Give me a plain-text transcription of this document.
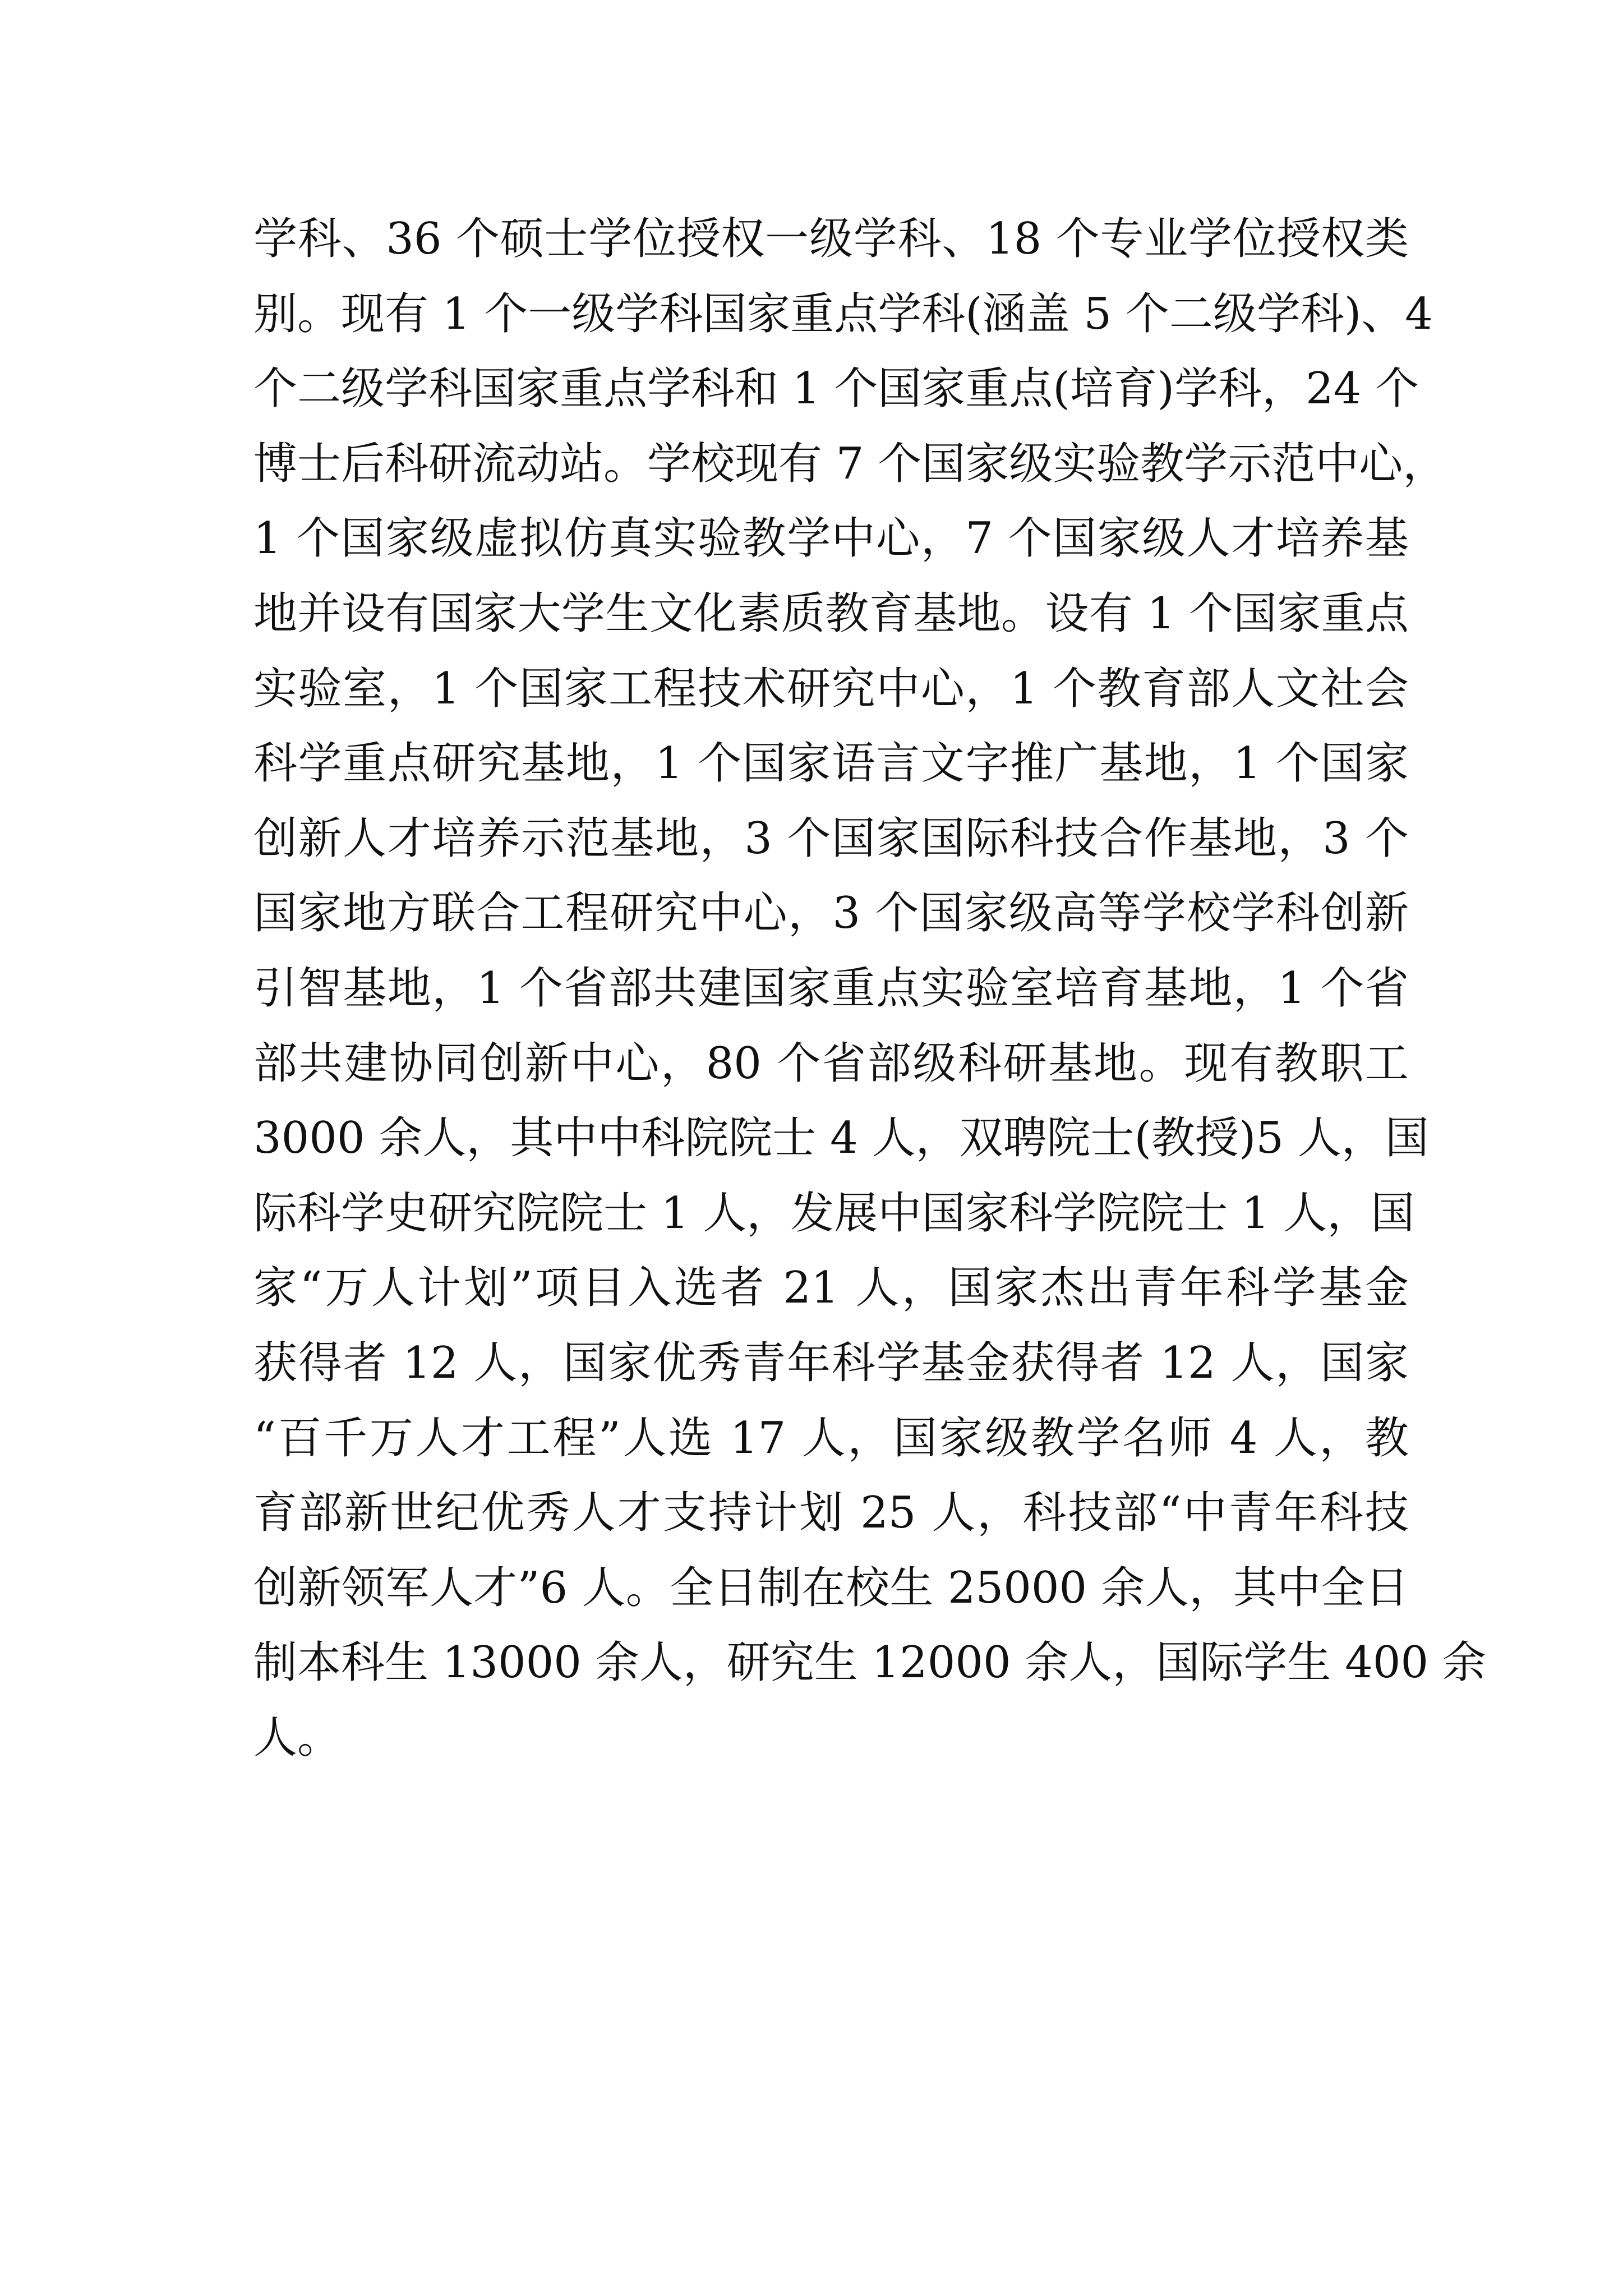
学科、36 个硕士学位授权一级学科、18 个专业学位授权类
别。现有 1 个一级学科国家重点学科(涵盖 5 个二级学科)、4
个二级学科国家重点学科和 1 个国家重点(培育)学科，24 个
博士后科研流动站。学校现有 7 个国家级实验教学示范中心，
1 个国家级虚拟仿真实验教学中心，7 个国家级人才培养基
地并设有国家大学生文化素质教育基地。设有 1 个国家重点
实验室，1 个国家工程技术研究中心，1 个教育部人文社会
科学重点研究基地，1 个国家语言文字推广基地，1 个国家
创新人才培养示范基地，3 个国家国际科技合作基地，3 个
国家地方联合工程研究中心，3 个国家级高等学校学科创新
引智基地，1 个省部共建国家重点实验室培育基地，1 个省
部共建协同创新中心，80 个省部级科研基地。现有教职工
3000 余人，其中中科院院士 4 人，双聘院士(教授)5 人，国
际科学史研究院院士 1 人，发展中国家科学院院士 1 人，国
家“万人计划”项目入选者 21 人，国家杰出青年科学基金
获得者 12 人，国家优秀青年科学基金获得者 12 人，国家
“百千万人才工程”人选 17 人，国家级教学名师 4 人，教
育部新世纪优秀人才支持计划 25 人，科技部“中青年科技
创新领军人才”6 人。全日制在校生 25000 余人，其中全日
制本科生 13000 余人，研究生 12000 余人，国际学生 400 余
人。
